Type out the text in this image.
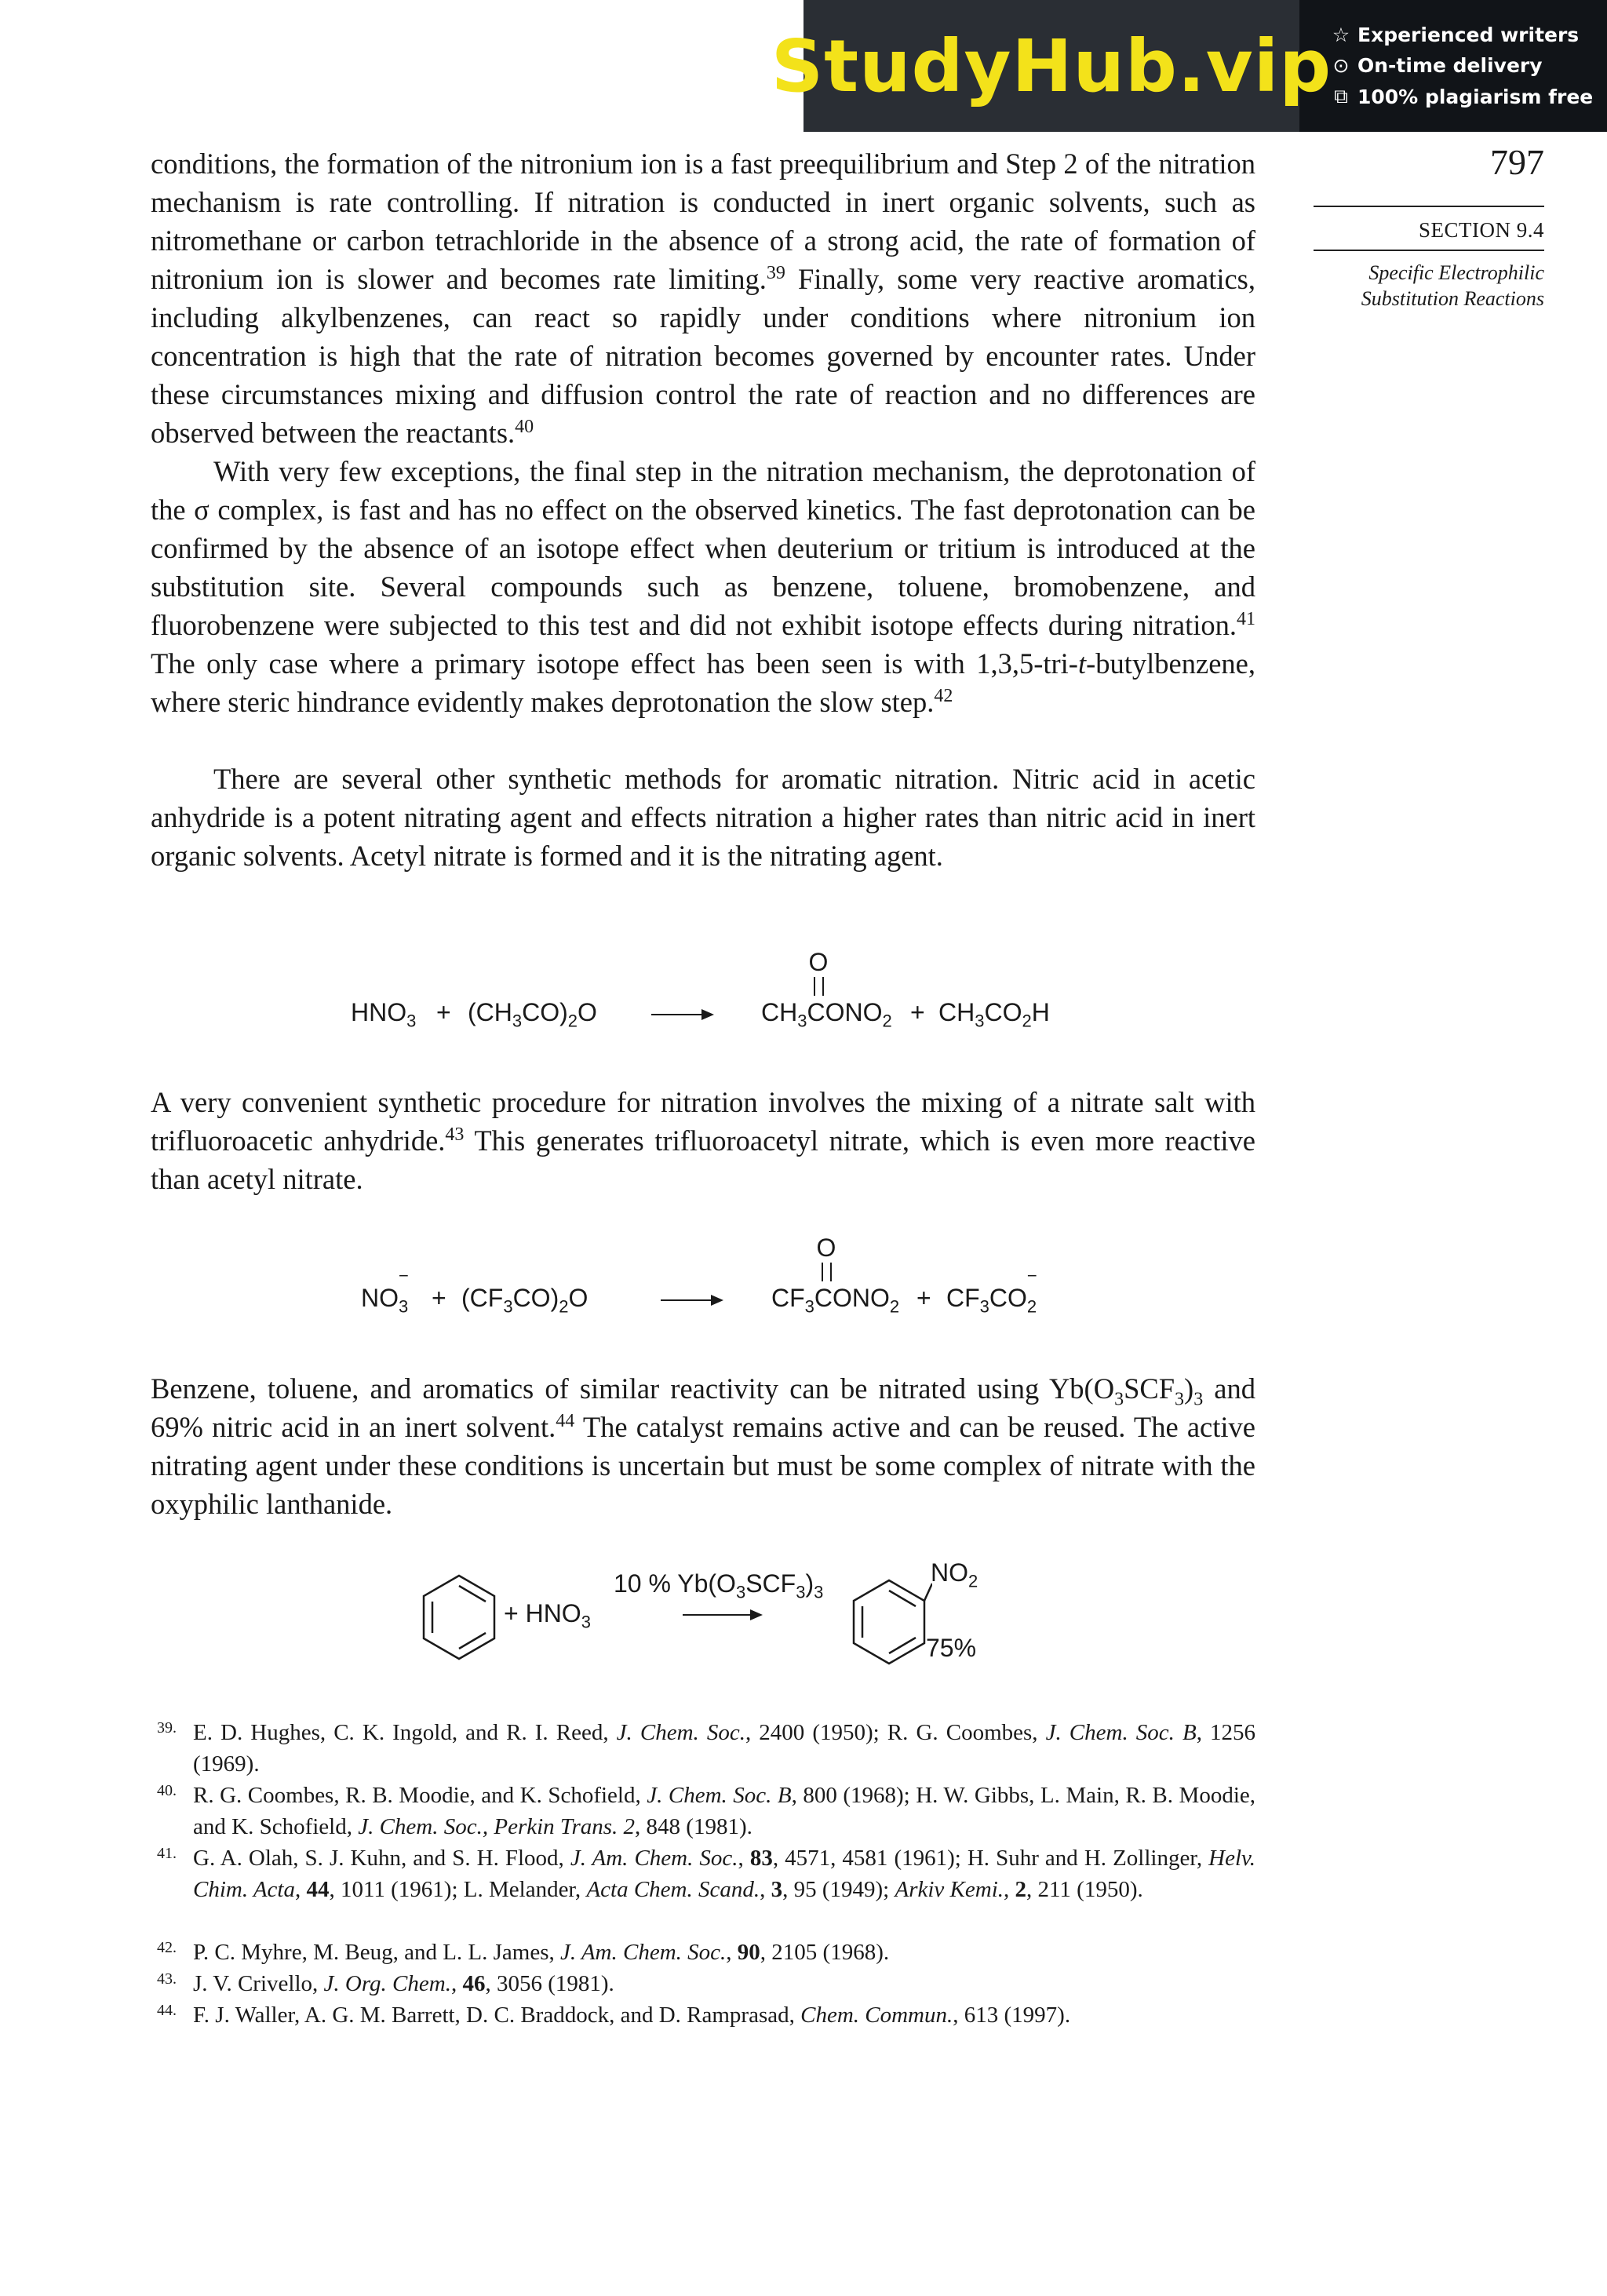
StudyHub.vip ☆ Experienced writers
⊙ On-time delivery
⧉ 100% plagiarism free
797
SECTION 9.4
Specific Electrophilic
Substitution Reactions

conditions, the formation of the nitronium ion is a fast preequilibrium and Step 2 of the nitration mechanism is rate controlling. If nitration is conducted in inert organic solvents, such as nitromethane or carbon tetrachloride in the absence of a strong acid, the rate of formation of nitronium ion is slower and becomes rate limiting.$^{39}$ Finally, some very reactive aromatics, including alkylbenzenes, can react so rapidly under conditions where nitronium ion concentration is high that the rate of nitration becomes governed by encounter rates. Under these circumstances mixing and diffusion control the rate of reaction and no differences are observed between the reactants.$^{40}$

With very few exceptions, the final step in the nitration mechanism, the deprotonation of the σ complex, is fast and has no effect on the observed kinetics. The fast deprotonation can be confirmed by the absence of an isotope effect when deuterium or tritium is introduced at the substitution site. Several compounds such as benzene, toluene, bromobenzene, and fluorobenzene were subjected to this test and did not exhibit isotope effects during nitration.$^{41}$ The only case where a primary isotope effect has been seen is with 1,3,5-tri-t-butylbenzene, where steric hindrance evidently makes deprotonation the slow step.$^{42}$

There are several other synthetic methods for aromatic nitration. Nitric acid in acetic anhydride is a potent nitrating agent and effects nitration a higher rates than nitric acid in inert organic solvents. Acetyl nitrate is formed and it is the nitrating agent.

O
$HNO_3 + (CH_3CO)_2O$	$CH_3CONO_2 + CH_3CO_2H$

A very convenient synthetic procedure for nitration involves the mixing of a nitrate salt with trifluoroacetic anhydride.$^{43}$ This generates trifluoroacetyl nitrate, which is even more reactive than acetyl nitrate.

O
NO
−
$_3 + (CF_3CO)_2O$	$CF_3CONO_2 + CF_3CO$
−
$_2$

Benzene, toluene, and aromatics of similar reactivity can be nitrated using $Yb(O_3SCF_3)_3$ and 69% nitric acid in an inert solvent.$^{44}$ The catalyst remains active and can be reused. The active nitrating agent under these conditions is uncertain but must be some complex of nitrate with the oxyphilic lanthanide.

+ $HNO_3$
10 % $Yb(O_3SCF_3)_3$
$NO_2$
75%
39. E. D. Hughes, C. K. Ingold, and R. I. Reed, J. Chem. Soc., 2400 (1950); R. G. Coombes, J. Chem. Soc. B, 1256 (1969).
40. R. G. Coombes, R. B. Moodie, and K. Schofield, J. Chem. Soc. B, 800 (1968); H. W. Gibbs, L. Main, R. B. Moodie, and K. Schofield, J. Chem. Soc., Perkin Trans. 2, 848 (1981).
41. G. A. Olah, S. J. Kuhn, and S. H. Flood, J. Am. Chem. Soc., 83, 4571, 4581 (1961); H. Suhr and H. Zollinger, Helv. Chim. Acta, 44, 1011 (1961); L. Melander, Acta Chem. Scand., 3, 95 (1949); Arkiv Kemi., 2, 211 (1950).
42. P. C. Myhre, M. Beug, and L. L. James, J. Am. Chem. Soc., 90, 2105 (1968).
43. J. V. Crivello, J. Org. Chem., 46, 3056 (1981).
44. F. J. Waller, A. G. M. Barrett, D. C. Braddock, and D. Ramprasad, Chem. Commun., 613 (1997).
